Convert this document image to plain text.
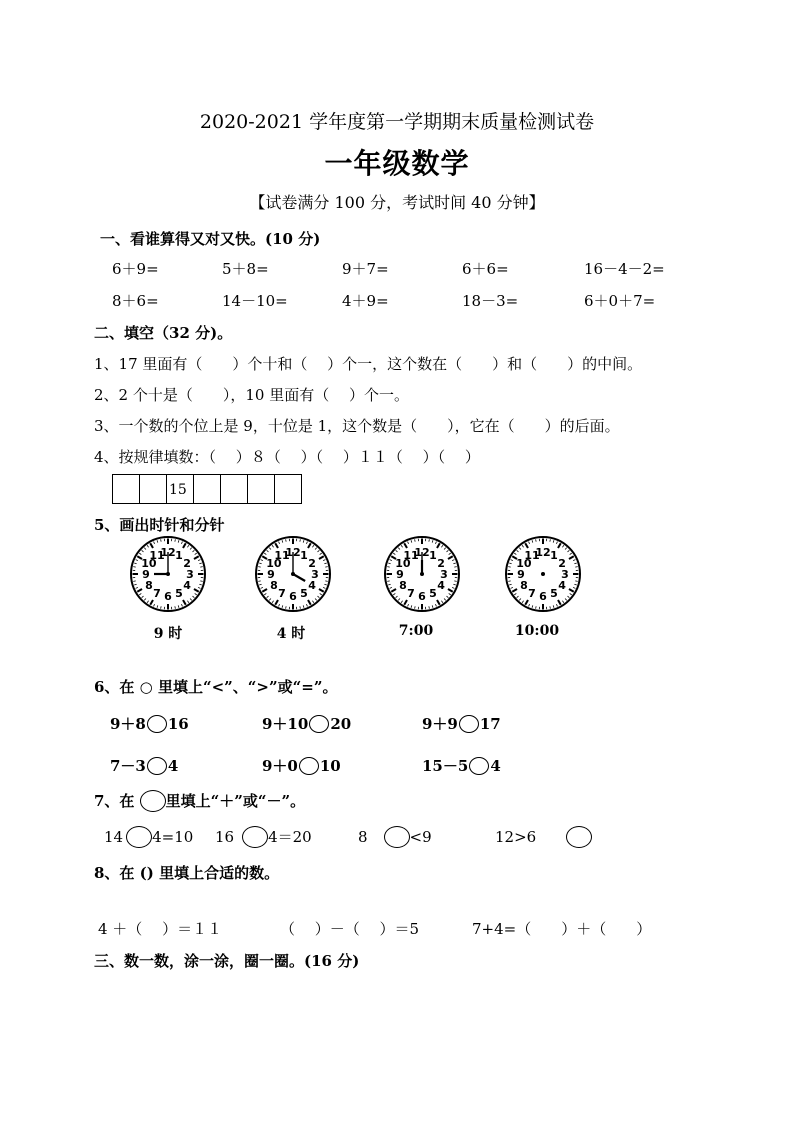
2020-2021 学年度第一学期期末质量检测试卷
一年级数学
【试卷满分 100 分，考试时间 40 分钟】
一、看谁算得又对又快。(10 分)
6＋9=	5＋8=	9＋7=	6＋6=	16－4－2=
8＋6=	14－10=	4＋9=	18－3=	6＋0＋7=
二、填空（32 分)。
1、17 里面有（　　）个十和（　 ）个一，这个数在（　　）和（　　）的中间。
2、2 个十是（　　），10 里面有（　 ）个一。
3、一个数的个位上是 9，十位是 1，这个数是（　　），它在（　　）的后面。
4、按规律填数：（　 ）８（　 ）（　 ）１１（　 ）（　 ）
15
5、画出时针和分针
1
2
3
4
5
6
7
8
9
10
11
12	1
2
3
4
5
6
7
8
9
10
11
12	1
2
3
4
5
6
7
8
9
10
11
12	1
2
3
4
5
6
7
8
9
10
11
12
9 时	4 时	7:00	10:00
6、在 ○ 里填上“<”、“>”或“=”。
9＋8 16	9＋10 20	9＋9 17
7－3 4	9＋0 10	15－5 4
7、在 里填上“＋”或“－”。
14 4=10 16 4＝20	8	<9	12>6
8、在 () 里填上合适的数。
4 ＋（　 ）＝１１	（　 ）－（　 ）＝5	7+4=（　　）＋（　　）
三、数一数，涂一涂，圈一圈。(16 分)
